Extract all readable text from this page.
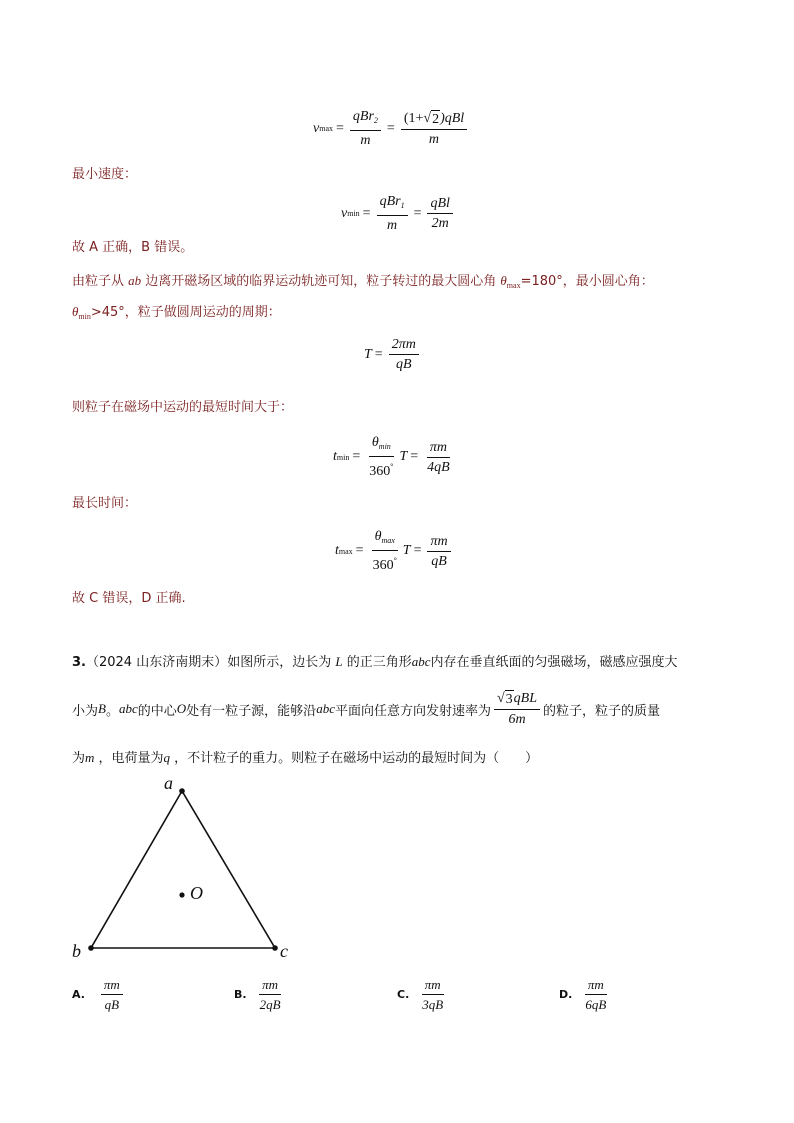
v $\max = \frac{qBr_2}{m} = \frac{\text{(1+√ 2 )qBl}}{m}$
最小速度：
v $\min = \frac{qBr_1}{m} = \frac{\text{qBl}}{2m}$
故 A 正确，B 错误。
由粒子从 ab 边离开磁场区域的临界运动轨迹可知，粒子转过的最大圆心角 $\theta_{max}=180^\circ$，最小圆心角：
$\theta_{min}>45^\circ$，粒子做圆周运动的周期：
$T = \frac{2\pi m}{qB}$
则粒子在磁场中运动的最短时间大于：
t $\min = \frac{\theta_{min}}{360^\circ}$ $T = \frac{\pi m}{4qB}$
最长时间：
t $\max = \frac{\theta_{max}}{360^\circ}$ $T = \frac{\pi m}{qB}$
故 C 错误，D 正确.
3.（2024 山东济南期末）如图所示，边长为 L 的正三角形abc内存在垂直纸面的匀强磁场，磁感应强度大
小为 B 。 abc 的中心 O 处有一粒子源，能够沿 abc 平面向任意方向发射速率为 $\frac{\text{√ 3 qBL}}{6m}$ 的粒子，粒子的质量
为m ，电荷量为q ，不计粒子的重力。则粒子在磁场中运动的最短时间为（　　）
a
b	c
O
A. $\frac{\pi m}{qB}$	B. $\frac{\pi m}{2qB}$	C. $\frac{\pi m}{3qB}$	D. $\frac{\pi m}{6qB}$
